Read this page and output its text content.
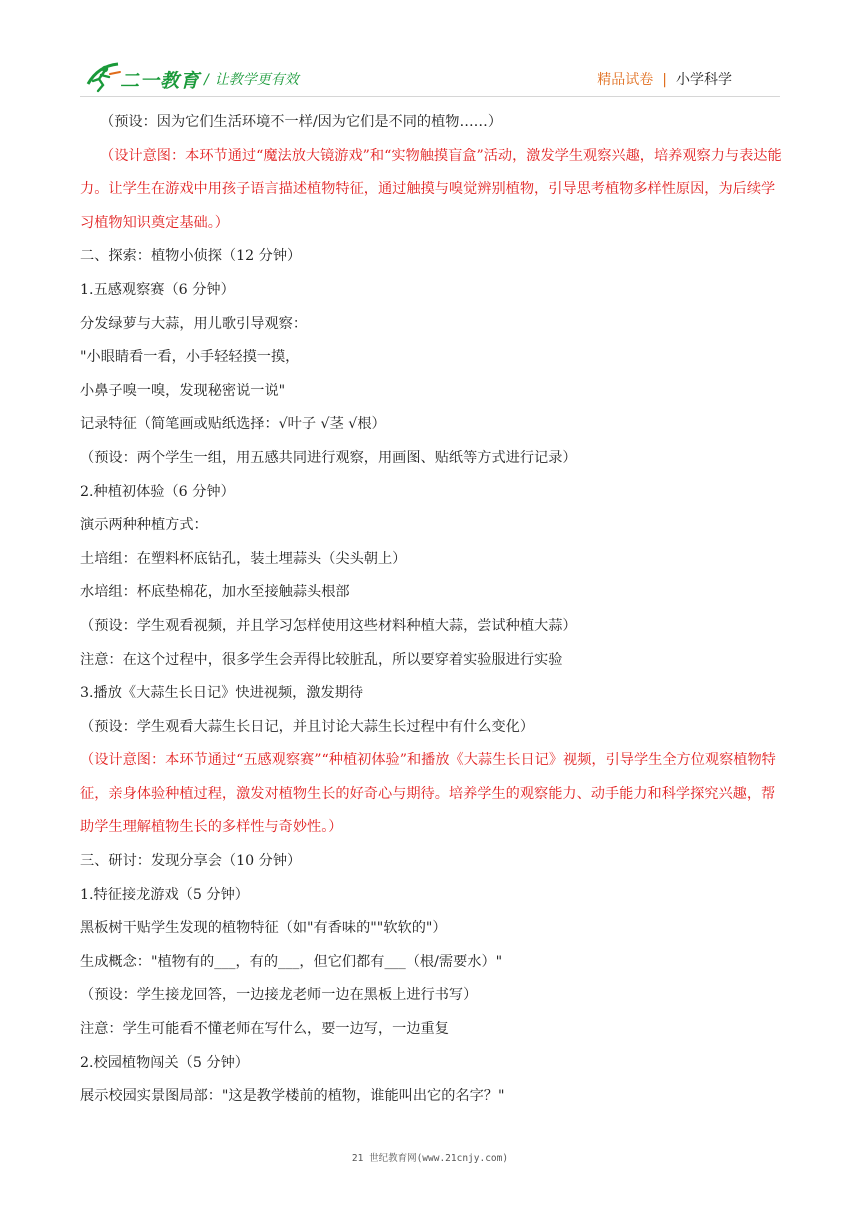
二一教育 / 让教学更有效	精品试卷 | 小学科学

（预设：因为它们生活环境不一样/因为它们是不同的植物……）

（设计意图：本环节通过“魔法放大镜游戏”和“实物触摸盲盒”活动，激发学生观察兴趣，培养观察力与表达能力。让学生在游戏中用孩子语言描述植物特征，通过触摸与嗅觉辨别植物，引导思考植物多样性原因，为后续学习植物知识奠定基础。）

二、探索：植物小侦探（12 分钟）

1.五感观察赛（6 分钟）

分发绿萝与大蒜，用儿歌引导观察：

"小眼睛看一看，小手轻轻摸一摸，

小鼻子嗅一嗅，发现秘密说一说"

记录特征（简笔画或贴纸选择：√叶子 √茎 √根）

（预设：两个学生一组，用五感共同进行观察，用画图、贴纸等方式进行记录）

2.种植初体验（6 分钟）

演示两种种植方式：

土培组：在塑料杯底钻孔，装土埋蒜头（尖头朝上）

水培组：杯底垫棉花，加水至接触蒜头根部

（预设：学生观看视频，并且学习怎样使用这些材料种植大蒜，尝试种植大蒜）

注意：在这个过程中，很多学生会弄得比较脏乱，所以要穿着实验服进行实验

3.播放《大蒜生长日记》快进视频，激发期待

（预设：学生观看大蒜生长日记，并且讨论大蒜生长过程中有什么变化）

（设计意图：本环节通过“五感观察赛”“种植初体验”和播放《大蒜生长日记》视频，引导学生全方位观察植物特征，亲身体验种植过程，激发对植物生长的好奇心与期待。培养学生的观察能力、动手能力和科学探究兴趣，帮助学生理解植物生长的多样性与奇妙性。）

三、研讨：发现分享会（10 分钟）

1.特征接龙游戏（5 分钟）

黑板树干贴学生发现的植物特征（如"有香味的""软软的"）

生成概念："植物有的___，有的___，但它们都有___（根/需要水）"

（预设：学生接龙回答，一边接龙老师一边在黑板上进行书写）

注意：学生可能看不懂老师在写什么，要一边写，一边重复

2.校园植物闯关（5 分钟）

展示校园实景图局部："这是教学楼前的植物，谁能叫出它的名字？"

21 世纪教育网(www.21cnjy.com)
